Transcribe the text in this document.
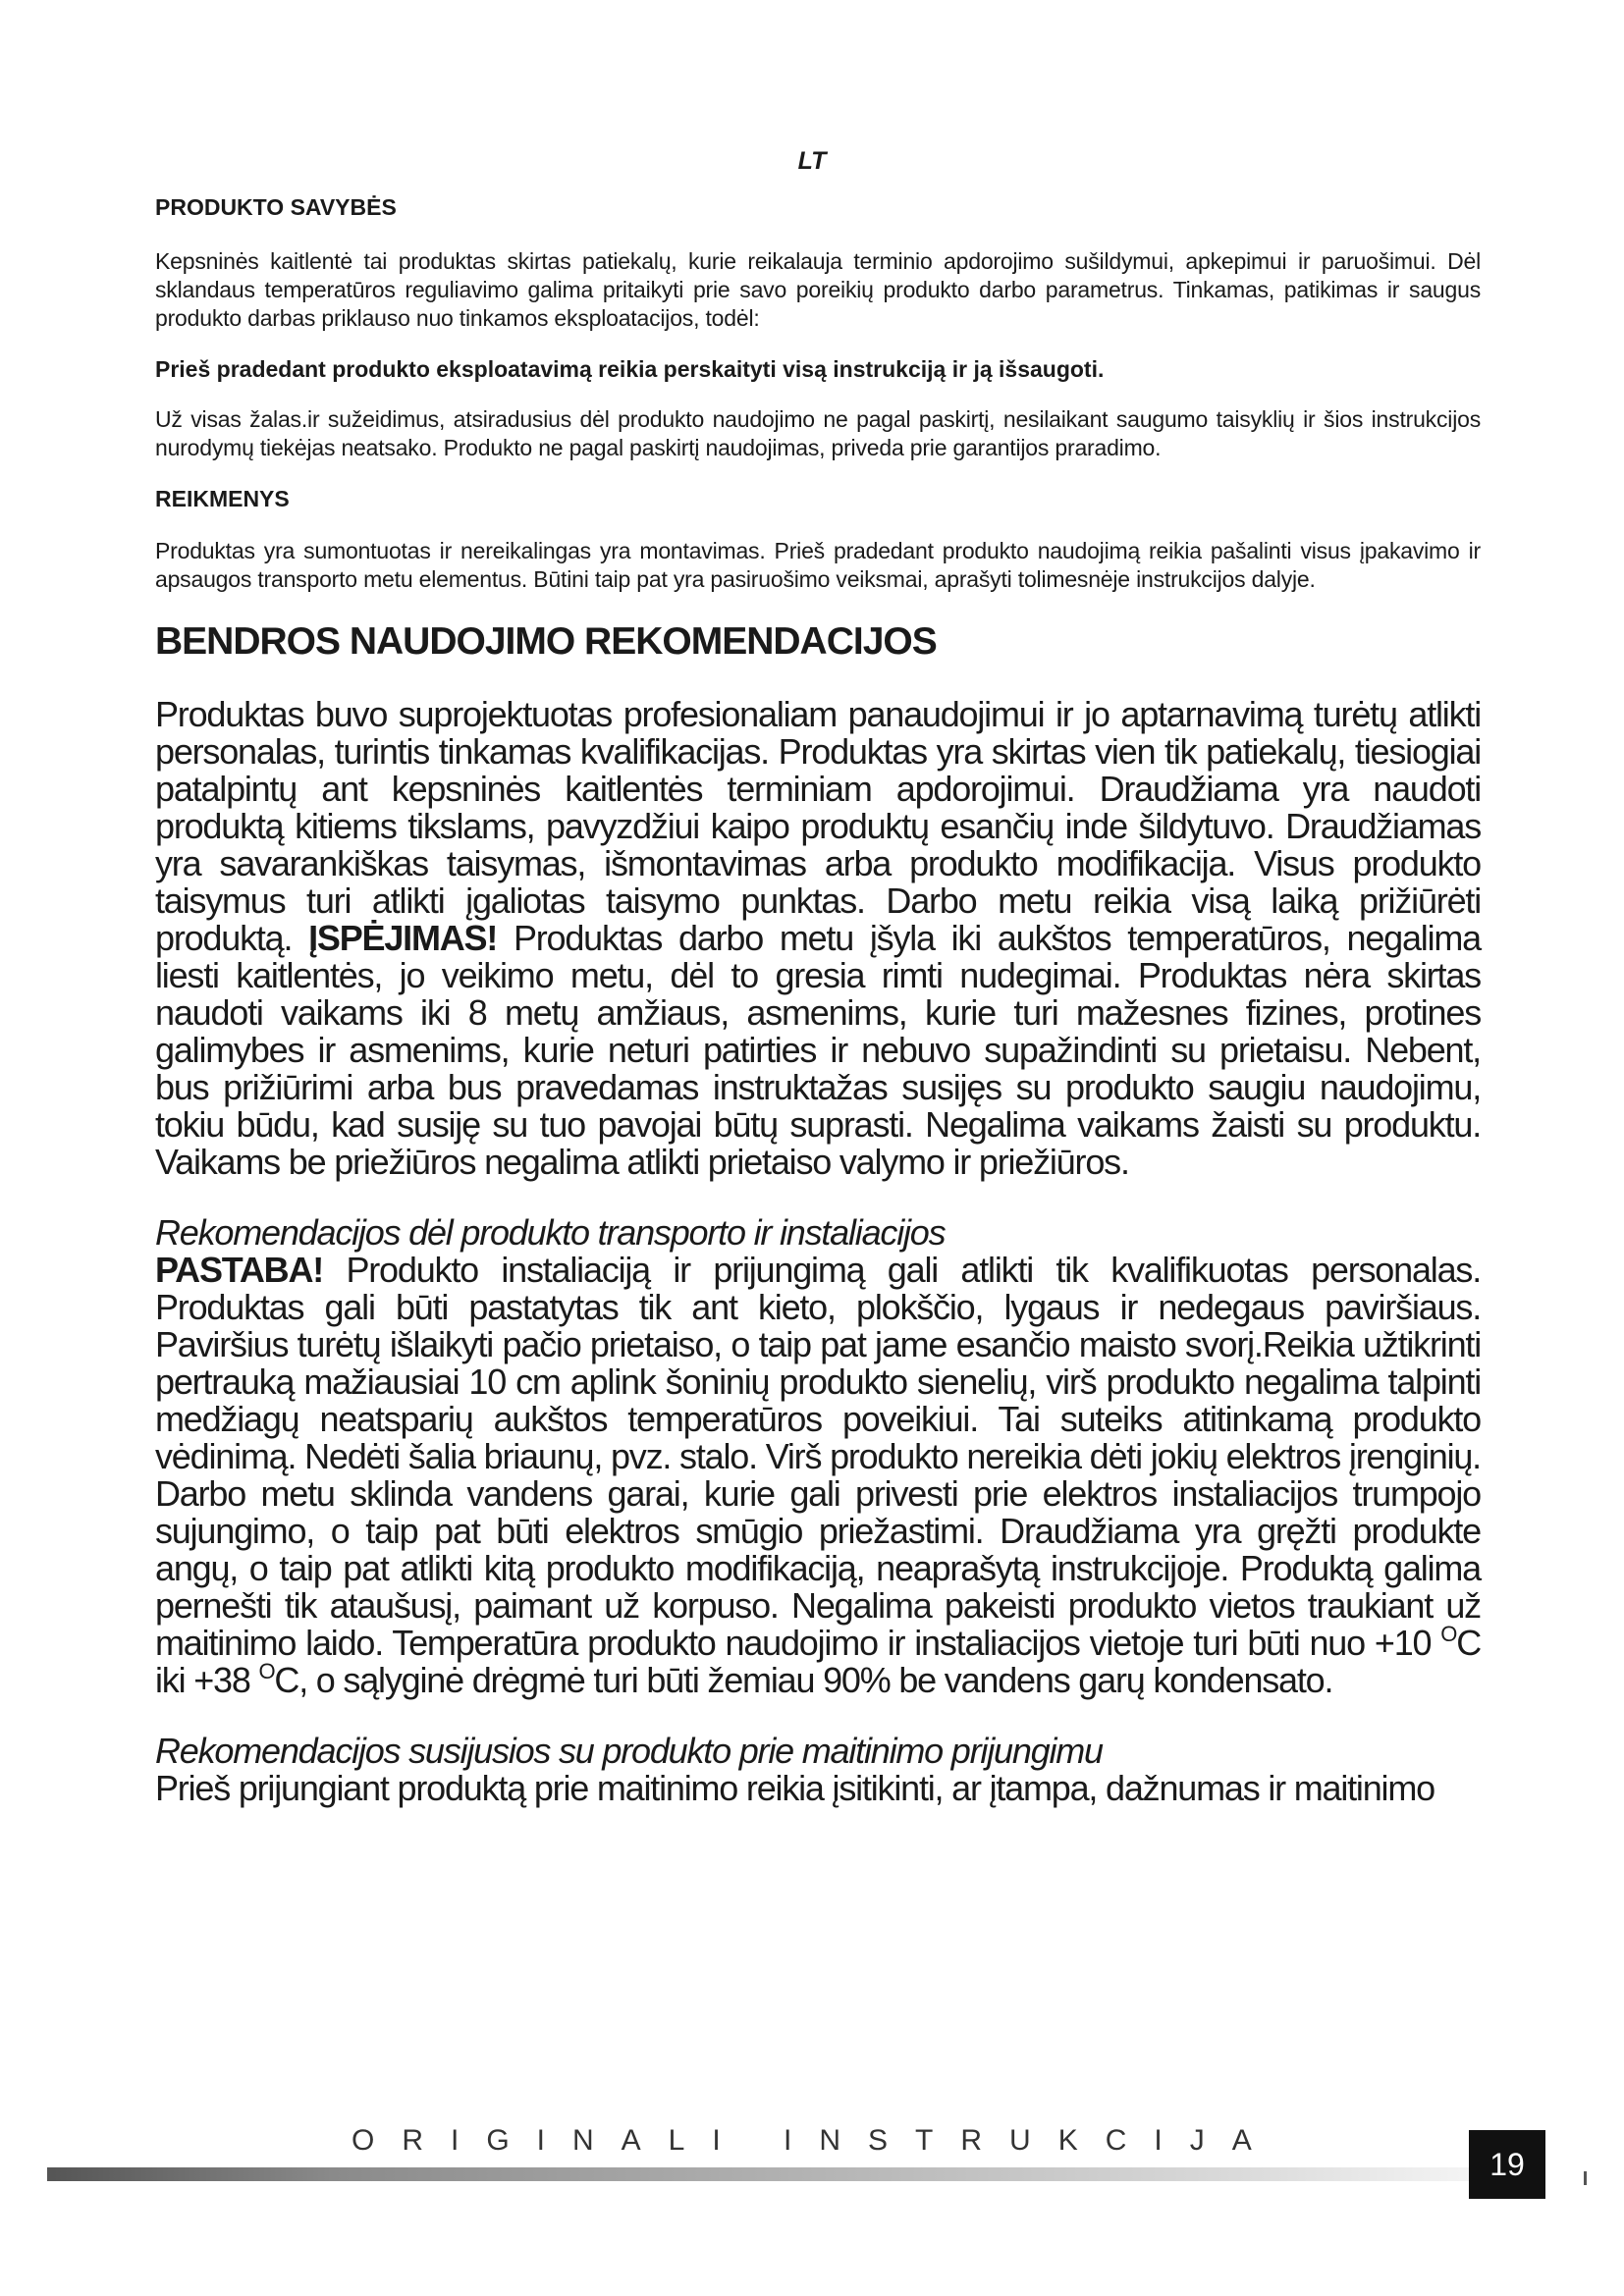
LT

PRODUKTO SAVYBĖS

Kepsninės kaitlentė tai produktas skirtas patiekalų, kurie reikalauja terminio apdorojimo sušildymui, apkepimui ir paruošimui. Dėl sklandaus temperatūros reguliavimo galima pritaikyti prie savo poreikių produkto darbo parametrus. Tinkamas, patikimas ir saugus produkto darbas priklauso nuo tinkamos eksploatacijos, todėl:

Prieš pradedant produkto eksploatavimą reikia perskaityti visą instrukciją ir ją išsaugoti.

Už visas žalas.ir sužeidimus, atsiradusius dėl produkto naudojimo ne pagal paskirtį, nesilaikant saugumo taisyklių ir šios instrukcijos nurodymų tiekėjas neatsako. Produkto ne pagal paskirtį naudojimas, priveda prie garantijos praradimo.

REIKMENYS

Produktas yra sumontuotas ir nereikalingas yra montavimas. Prieš pradedant produkto naudojimą reikia pašalinti visus įpakavimo ir apsaugos transporto metu elementus. Būtini taip pat yra pasiruošimo veiksmai, aprašyti tolimesnėje instrukcijos dalyje.

BENDROS NAUDOJIMO REKOMENDACIJOS

Produktas buvo suprojektuotas profesionaliam panaudojimui ir jo aptarnavimą turėtų atlikti personalas, turintis tinkamas kvalifikacijas. Produktas yra skirtas vien tik patiekalų, tiesiogiai patalpintų ant kepsninės kaitlentės terminiam apdorojimui. Draudžiama yra naudoti produktą kitiems tikslams, pavyzdžiui kaipo produktų esančių inde šildytuvo. Draudžiamas yra savarankiškas taisymas, išmontavimas arba produkto modifikacija. Visus produkto taisymus turi atlikti įgaliotas taisymo punktas. Darbo metu reikia visą laiką prižiūrėti produktą. ĮSPĖJIMAS! Produktas darbo metu įšyla iki aukštos temperatūros, negalima liesti kaitlentės, jo veikimo metu, dėl to gresia rimti nudegimai. Produktas nėra skirtas naudoti vaikams iki 8 metų amžiaus, asmenims, kurie turi mažesnes fizines, protines galimybes ir asmenims, kurie neturi patirties ir nebuvo supažindinti su prietaisu. Nebent, bus prižiūrimi arba bus pravedamas instruktažas susijęs su produkto saugiu naudojimu, tokiu būdu, kad susiję su tuo pavojai būtų suprasti. Negalima vaikams žaisti su produktu. Vaikams be priežiūros negalima atlikti prietaiso valymo ir priežiūros.

Rekomendacijos dėl produkto transporto ir instaliacijos

PASTABA! Produkto instaliaciją ir prijungimą gali atlikti tik kvalifikuotas personalas. Produktas gali būti pastatytas tik ant kieto, plokščio, lygaus ir nedegaus paviršiaus. Paviršius turėtų išlaikyti pačio prietaiso, o taip pat jame esančio maisto svorį.Reikia užtikrinti pertrauką mažiausiai 10 cm aplink šoninių produkto sienelių, virš produkto negalima talpinti medžiagų neatsparių aukštos temperatūros poveikiui. Tai suteiks atitinkamą produkto vėdinimą. Nedėti šalia briaunų, pvz. stalo. Virš produkto nereikia dėti jokių elektros įrenginių. Darbo metu sklinda vandens garai, kurie gali privesti prie elektros instaliacijos trumpojo sujungimo, o taip pat būti elektros smūgio priežastimi. Draudžiama yra gręžti produkte angų, o taip pat atlikti kitą produkto modifikaciją, neaprašytą instrukcijoje. Produktą galima pernešti tik ataušusį, paimant už korpuso. Negalima pakeisti produkto vietos traukiant už maitinimo laido. Temperatūra produkto naudojimo ir instaliacijos vietoje turi būti nuo +10 $^O$C iki +38 $^O$C, o sąlyginė drėgmė turi būti žemiau 90% be vandens garų kondensato.

Rekomendacijos susijusios su produkto prie maitinimo prijungimu

Prieš prijungiant produktą prie maitinimo reikia įsitikinti, ar įtampa, dažnumas ir maitinimo

ORIGINALI INSTRUKCIJA
19
